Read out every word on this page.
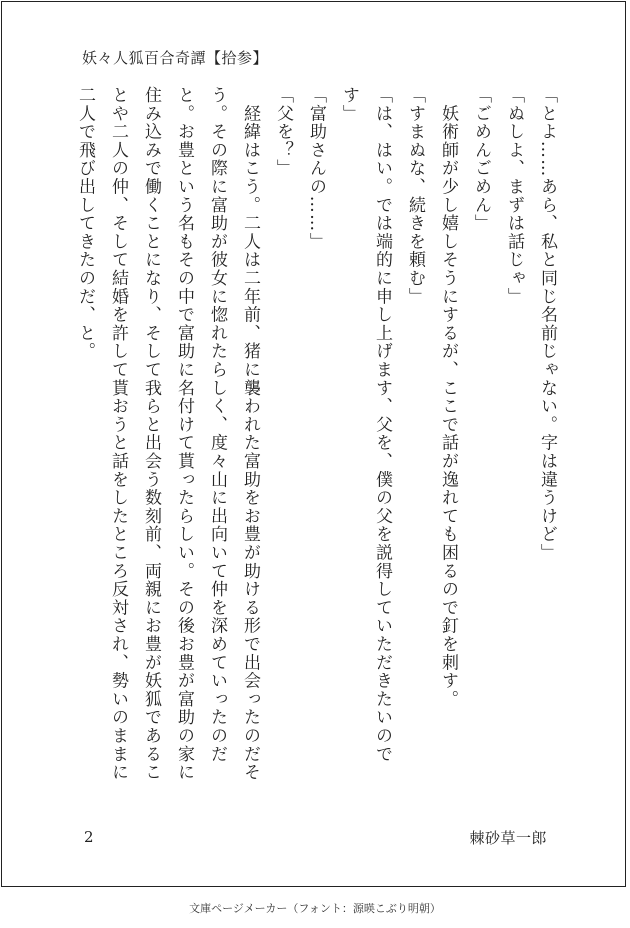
妖々人狐百合奇譚【拾参】

「とよ……あら、私と同じ名前じゃない。字は違うけど」

「ぬしよ、まずは話じゃ」

「ごめんごめん」

　妖術師が少し嬉しそうにするが、ここで話が逸れても困るので釘を刺す。

「すまぬな、続きを頼む」

「は、はい。では端的に申し上げます、父を、僕の父を説得していただきたいのです」

「富助さんの……」

「父を？」

　経緯はこう。二人は二年前、猪に襲われた富助をお豊が助ける形で出会ったのだそう。その際に富助が彼女に惚れたらしく、度々山に出向いて仲を深めていったのだと。お豊という名もその中で富助に名付けて貰ったらしい。その後お豊が富助の家に住み込みで働くことになり、そして我らと出会う数刻前、両親にお豊が妖狐であることや二人の仲、そして結婚を許して貰おうと話をしたところ反対され、勢いのままに二人で飛び出してきたのだ、と。

2	棘砂草一郎
文庫ページメーカー（フォント：源暎こぶり明朝）
